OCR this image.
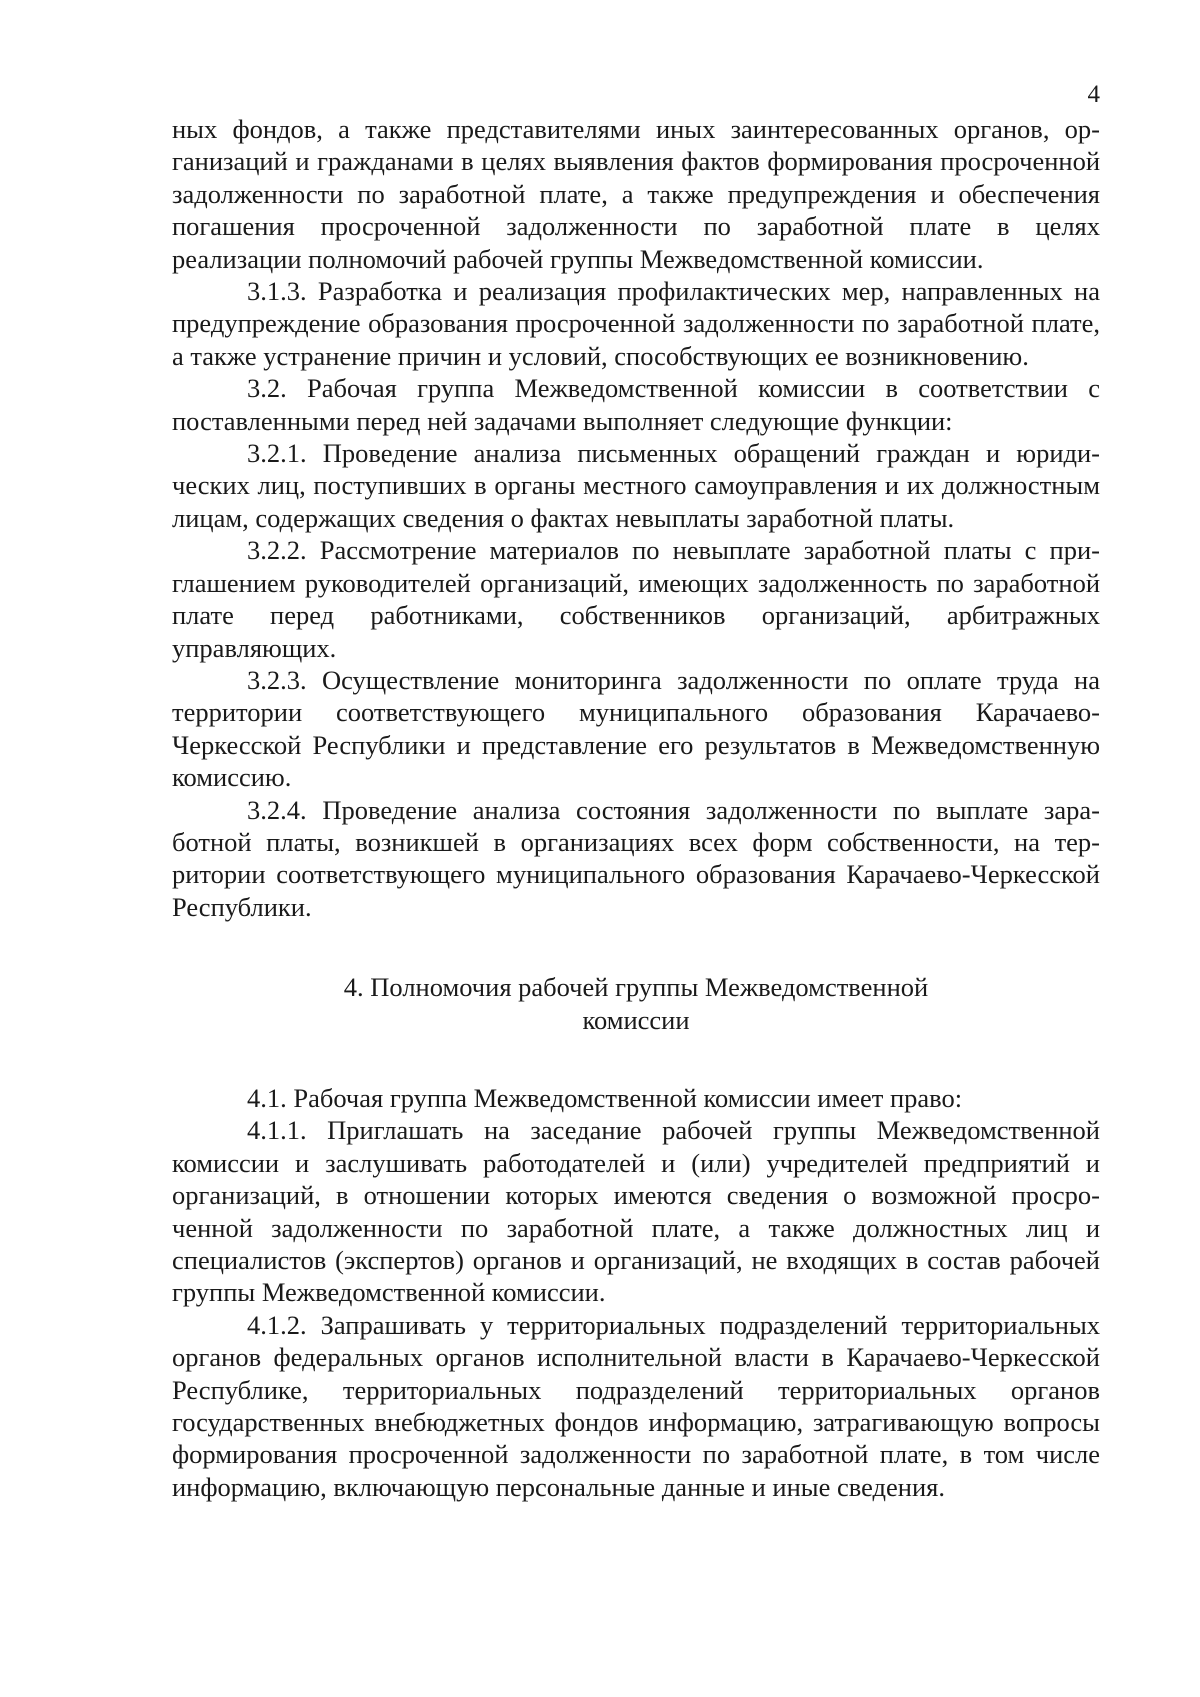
4

ных фондов, а также представителями иных заинтересованных органов, организаций и гражданами в целях выявления фактов формирования просроченной задолженности по заработной плате, а также предупреждения и обеспечения погашения просроченной задолженности по заработной плате в целях реализации полномочий рабочей группы Межведомственной комиссии.

3.1.3. Разработка и реализация профилактических мер, направленных на предупреждение образования просроченной задолженности по заработной плате, а также устранение причин и условий, способствующих ее возникновению.

3.2. Рабочая группа Межведомственной комиссии в соответствии с поставленными перед ней задачами выполняет следующие функции:

3.2.1. Проведение анализа письменных обращений граждан и юридических лиц, поступивших в органы местного самоуправления и их должностным лицам, содержащих сведения о фактах невыплаты заработной платы.

3.2.2. Рассмотрение материалов по невыплате заработной платы с приглашением руководителей организаций, имеющих задолженность по заработной плате перед работниками, собственников организаций, арбитражных управляющих.

3.2.3. Осуществление мониторинга задолженности по оплате труда на территории соответствующего муниципального образования Карачаево-Черкесской Республики и представление его результатов в Межведомственную комиссию.

3.2.4. Проведение анализа состояния задолженности по выплате заработной платы, возникшей в организациях всех форм собственности, на территории соответствующего муниципального образования Карачаево-Черкесской Республики.

4. Полномочия рабочей группы Межведомственной
комиссии

4.1. Рабочая группа Межведомственной комиссии имеет право:

4.1.1. Приглашать на заседание рабочей группы Межведомственной комиссии и заслушивать работодателей и (или) учредителей предприятий и организаций, в отношении которых имеются сведения о возможной просроченной задолженности по заработной плате, а также должностных лиц и специалистов (экспертов) органов и организаций, не входящих в состав рабочей группы Межведомственной комиссии.

4.1.2. Запрашивать у территориальных подразделений территориальных органов федеральных органов исполнительной власти в Карачаево-Черкесской Республике, территориальных подразделений территориальных органов государственных внебюджетных фондов информацию, затрагивающую вопросы формирования просроченной задолженности по заработной плате, в том числе информацию, включающую персональные данные и иные сведения.
